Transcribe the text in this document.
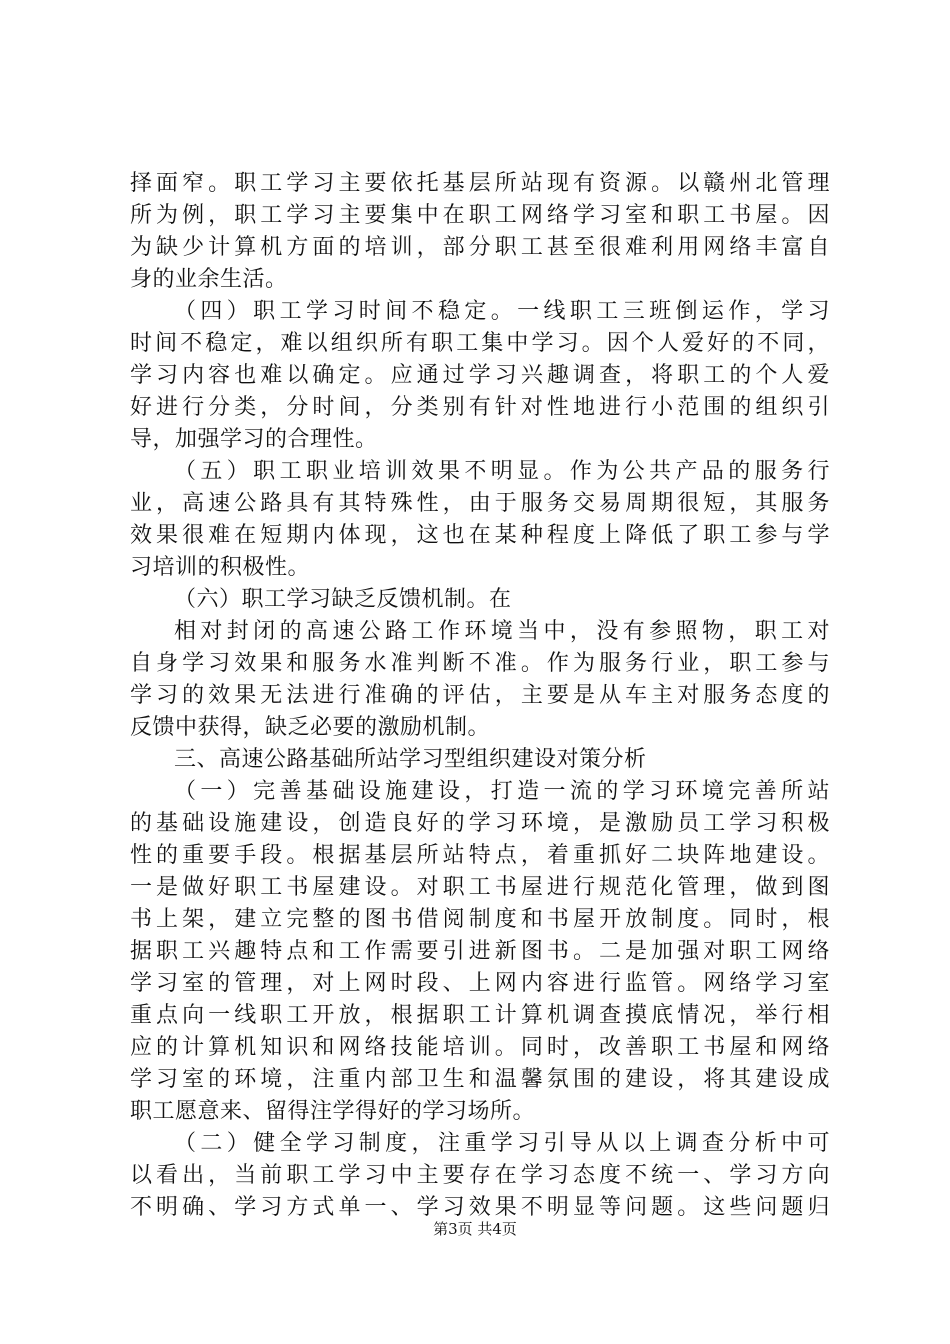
择面窄。职工学习主要依托基层所站现有资源。以赣州北管理
所为例，职工学习主要集中在职工网络学习室和职工书屋。因
为缺少计算机方面的培训，部分职工甚至很难利用网络丰富自
身的业余生活。
（四）职工学习时间不稳定。一线职工三班倒运作，学习
时间不稳定，难以组织所有职工集中学习。因个人爱好的不同，
学习内容也难以确定。应通过学习兴趣调查，将职工的个人爱
好进行分类，分时间，分类别有针对性地进行小范围的组织引
导，加强学习的合理性。
（五）职工职业培训效果不明显。作为公共产品的服务行
业，高速公路具有其特殊性，由于服务交易周期很短，其服务
效果很难在短期内体现，这也在某种程度上降低了职工参与学
习培训的积极性。
（六）职工学习缺乏反馈机制。在
相对封闭的高速公路工作环境当中，没有参照物，职工对
自身学习效果和服务水准判断不准。作为服务行业，职工参与
学习的效果无法进行准确的评估，主要是从车主对服务态度的
反馈中获得，缺乏必要的激励机制。
三、高速公路基础所站学习型组织建设对策分析
（一）完善基础设施建设，打造一流的学习环境完善所站
的基础设施建设，创造良好的学习环境，是激励员工学习积极
性的重要手段。根据基层所站特点，着重抓好二块阵地建设。
一是做好职工书屋建设。对职工书屋进行规范化管理，做到图
书上架，建立完整的图书借阅制度和书屋开放制度。同时，根
据职工兴趣特点和工作需要引进新图书。二是加强对职工网络
学习室的管理，对上网时段、上网内容进行监管。网络学习室
重点向一线职工开放，根据职工计算机调查摸底情况，举行相
应的计算机知识和网络技能培训。同时，改善职工书屋和网络
学习室的环境，注重内部卫生和温馨氛围的建设，将其建设成
职工愿意来、留得注学得好的学习场所。
（二）健全学习制度，注重学习引导从以上调查分析中可
以看出，当前职工学习中主要存在学习态度不统一、学习方向
不明确、学习方式单一、学习效果不明显等问题。这些问题归
第3页 共4页
